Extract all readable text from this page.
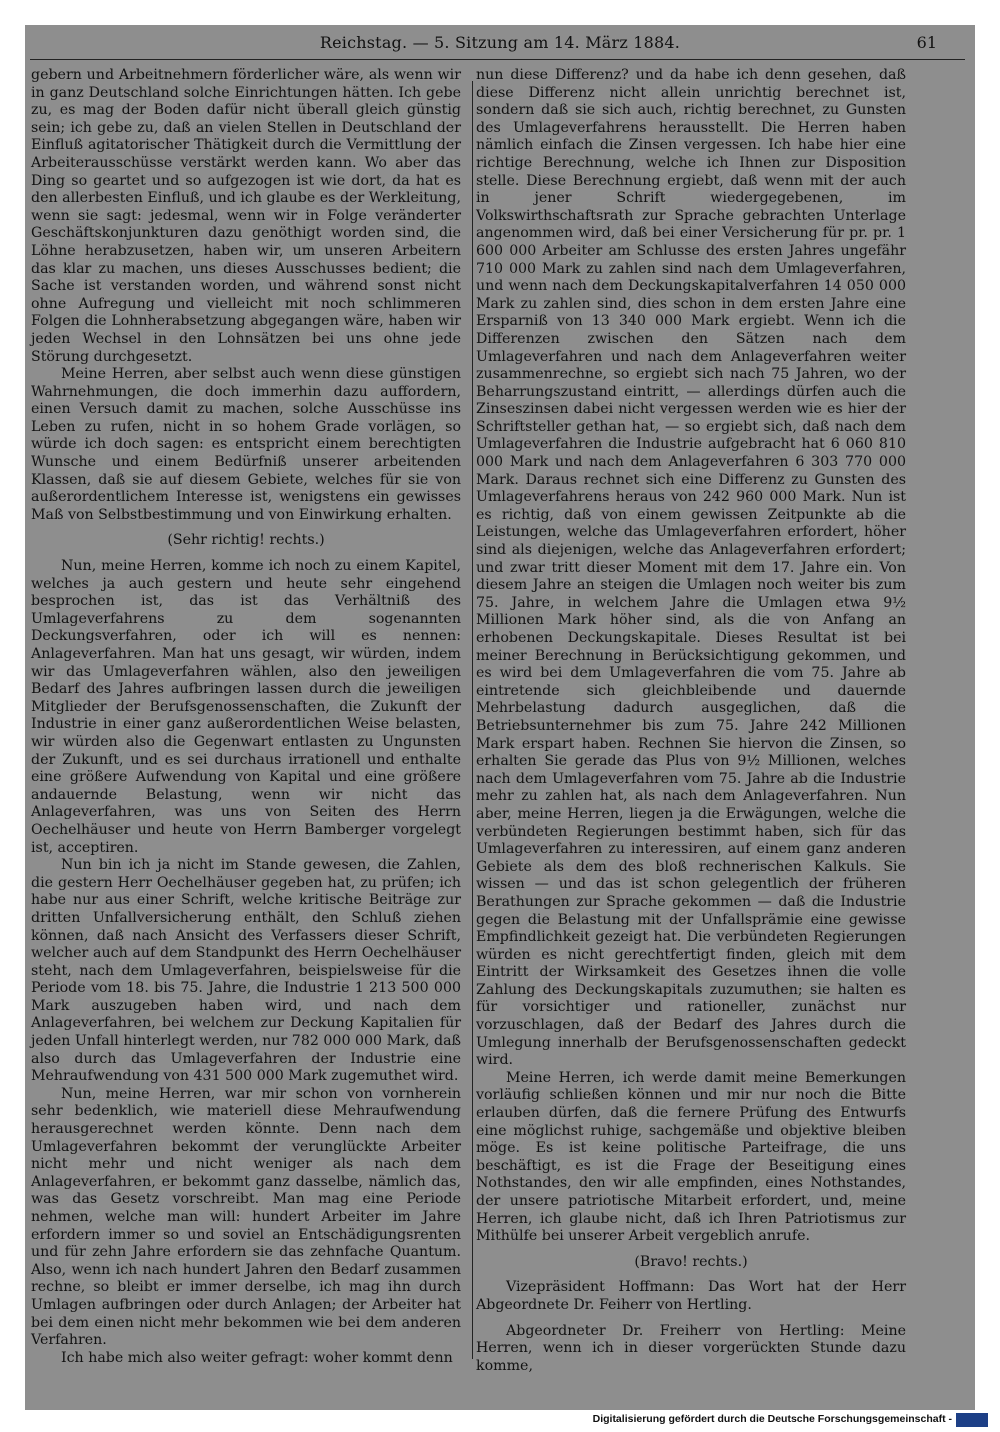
Reichstag. — 5. Sitzung am 14. März 1884.	61

gebern und Arbeitnehmern förderlicher wäre, als wenn wir in ganz Deutschland solche Einrichtungen hätten. Ich gebe zu, es mag der Boden dafür nicht überall gleich günstig sein; ich gebe zu, daß an vielen Stellen in Deutschland der Einfluß agitatorischer Thätigkeit durch die Vermittlung der Arbeiterausschüsse verstärkt werden kann. Wo aber das Ding so geartet und so aufgezogen ist wie dort, da hat es den allerbesten Einfluß, und ich glaube es der Werkleitung, wenn sie sagt: jedesmal, wenn wir in Folge veränderter Geschäftskonjunkturen dazu genöthigt worden sind, die Löhne herabzusetzen, haben wir, um unseren Arbeitern das klar zu machen, uns dieses Ausschusses bedient; die Sache ist verstanden worden, und während sonst nicht ohne Aufregung und vielleicht mit noch schlimmeren Folgen die Lohnherabsetzung abgegangen wäre, haben wir jeden Wechsel in den Lohnsätzen bei uns ohne jede Störung durchgesetzt.

Meine Herren, aber selbst auch wenn diese günstigen Wahrnehmungen, die doch immerhin dazu auffordern, einen Versuch damit zu machen, solche Ausschüsse ins Leben zu rufen, nicht in so hohem Grade vorlägen, so würde ich doch sagen: es entspricht einem berechtigten Wunsche und einem Bedürfniß unserer arbeitenden Klassen, daß sie auf diesem Gebiete, welches für sie von außerordentlichem Interesse ist, wenigstens ein gewisses Maß von Selbstbestimmung und von Einwirkung erhalten.

(Sehr richtig! rechts.)

Nun, meine Herren, komme ich noch zu einem Kapitel, welches ja auch gestern und heute sehr eingehend besprochen ist, das ist das Verhältniß des Umlageverfahrens zu dem sogenannten Deckungsverfahren, oder ich will es nennen: Anlageverfahren. Man hat uns gesagt, wir würden, indem wir das Umlageverfahren wählen, also den jeweiligen Bedarf des Jahres aufbringen lassen durch die jeweiligen Mitglieder der Berufsgenossenschaften, die Zukunft der Industrie in einer ganz außerordentlichen Weise belasten, wir würden also die Gegenwart entlasten zu Ungunsten der Zukunft, und es sei durchaus irrationell und enthalte eine größere Aufwendung von Kapital und eine größere andauernde Belastung, wenn wir nicht das Anlageverfahren, was uns von Seiten des Herrn Oechelhäuser und heute von Herrn Bamberger vorgelegt ist, acceptiren.

Nun bin ich ja nicht im Stande gewesen, die Zahlen, die gestern Herr Oechelhäuser gegeben hat, zu prüfen; ich habe nur aus einer Schrift, welche kritische Beiträge zur dritten Unfallversicherung enthält, den Schluß ziehen können, daß nach Ansicht des Verfassers dieser Schrift, welcher auch auf dem Standpunkt des Herrn Oechelhäuser steht, nach dem Umlageverfahren, beispielsweise für die Periode vom 18. bis 75. Jahre, die Industrie 1 213 500 000 Mark auszugeben haben wird, und nach dem Anlageverfahren, bei welchem zur Deckung Kapitalien für jeden Unfall hinterlegt werden, nur 782 000 000 Mark, daß also durch das Umlageverfahren der Industrie eine Mehraufwendung von 431 500 000 Mark zugemuthet wird.

Nun, meine Herren, war mir schon von vornherein sehr bedenklich, wie materiell diese Mehraufwendung herausgerechnet werden könnte. Denn nach dem Umlageverfahren bekommt der verunglückte Arbeiter nicht mehr und nicht weniger als nach dem Anlageverfahren, er bekommt ganz dasselbe, nämlich das, was das Gesetz vorschreibt. Man mag eine Periode nehmen, welche man will: hundert Arbeiter im Jahre erfordern immer so und soviel an Entschädigungsrenten und für zehn Jahre erfordern sie das zehnfache Quantum. Also, wenn ich nach hundert Jahren den Bedarf zusammen rechne, so bleibt er immer derselbe, ich mag ihn durch Umlagen aufbringen oder durch Anlagen; der Arbeiter hat bei dem einen nicht mehr bekommen wie bei dem anderen Verfahren.

Ich habe mich also weiter gefragt: woher kommt denn

nun diese Differenz? und da habe ich denn gesehen, daß diese Differenz nicht allein unrichtig berechnet ist, sondern daß sie sich auch, richtig berechnet, zu Gunsten des Umlageverfahrens herausstellt. Die Herren haben nämlich einfach die Zinsen vergessen. Ich habe hier eine richtige Berechnung, welche ich Ihnen zur Disposition stelle. Diese Berechnung ergiebt, daß wenn mit der auch in jener Schrift wiedergegebenen, im Volkswirthschaftsrath zur Sprache gebrachten Unterlage angenommen wird, daß bei einer Versicherung für pr. pr. 1 600 000 Arbeiter am Schlusse des ersten Jahres ungefähr 710 000 Mark zu zahlen sind nach dem Umlageverfahren, und wenn nach dem Deckungskapitalverfahren 14 050 000 Mark zu zahlen sind, dies schon in dem ersten Jahre eine Ersparniß von 13 340 000 Mark ergiebt. Wenn ich die Differenzen zwischen den Sätzen nach dem Umlageverfahren und nach dem Anlageverfahren weiter zusammenrechne, so ergiebt sich nach 75 Jahren, wo der Beharrungszustand eintritt, — allerdings dürfen auch die Zinseszinsen dabei nicht vergessen werden wie es hier der Schriftsteller gethan hat, — so ergiebt sich, daß nach dem Umlageverfahren die Industrie aufgebracht hat 6 060 810 000 Mark und nach dem Anlageverfahren 6 303 770 000 Mark. Daraus rechnet sich eine Differenz zu Gunsten des Umlageverfahrens heraus von 242 960 000 Mark. Nun ist es richtig, daß von einem gewissen Zeitpunkte ab die Leistungen, welche das Umlageverfahren erfordert, höher sind als diejenigen, welche das Anlageverfahren erfordert; und zwar tritt dieser Moment mit dem 17. Jahre ein. Von diesem Jahre an steigen die Umlagen noch weiter bis zum 75. Jahre, in welchem Jahre die Umlagen etwa 9½ Millionen Mark höher sind, als die von Anfang an erhobenen Deckungskapitale. Dieses Resultat ist bei meiner Berechnung in Berücksichtigung gekommen, und es wird bei dem Umlageverfahren die vom 75. Jahre ab eintretende sich gleichbleibende und dauernde Mehrbelastung dadurch ausgeglichen, daß die Betriebsunternehmer bis zum 75. Jahre 242 Millionen Mark erspart haben. Rechnen Sie hiervon die Zinsen, so erhalten Sie gerade das Plus von 9½ Millionen, welches nach dem Umlageverfahren vom 75. Jahre ab die Industrie mehr zu zahlen hat, als nach dem Anlageverfahren. Nun aber, meine Herren, liegen ja die Erwägungen, welche die verbündeten Regierungen bestimmt haben, sich für das Umlageverfahren zu interessiren, auf einem ganz anderen Gebiete als dem des bloß rechnerischen Kalkuls. Sie wissen — und das ist schon gelegentlich der früheren Berathungen zur Sprache gekommen — daß die Industrie gegen die Belastung mit der Unfallsprämie eine gewisse Empfindlichkeit gezeigt hat. Die verbündeten Regierungen würden es nicht gerechtfertigt finden, gleich mit dem Eintritt der Wirksamkeit des Gesetzes ihnen die volle Zahlung des Deckungskapitals zuzumuthen; sie halten es für vorsichtiger und rationeller, zunächst nur vorzuschlagen, daß der Bedarf des Jahres durch die Umlegung innerhalb der Berufsgenossenschaften gedeckt wird.

Meine Herren, ich werde damit meine Bemerkungen vorläufig schließen können und mir nur noch die Bitte erlauben dürfen, daß die fernere Prüfung des Entwurfs eine möglichst ruhige, sachgemäße und objektive bleiben möge. Es ist keine politische Parteifrage, die uns beschäftigt, es ist die Frage der Beseitigung eines Nothstandes, den wir alle empfinden, eines Nothstandes, der unsere patriotische Mitarbeit erfordert, und, meine Herren, ich glaube nicht, daß ich Ihren Patriotismus zur Mithülfe bei unserer Arbeit vergeblich anrufe.

(Bravo! rechts.)

Vizepräsident Hoffmann: Das Wort hat der Herr Abgeordnete Dr. Feiherr von Hertling.

Abgeordneter Dr. Freiherr von Hertling: Meine Herren, wenn ich in dieser vorgerückten Stunde dazu komme,

Digitalisierung gefördert durch die Deutsche Forschungsgemeinschaft -
